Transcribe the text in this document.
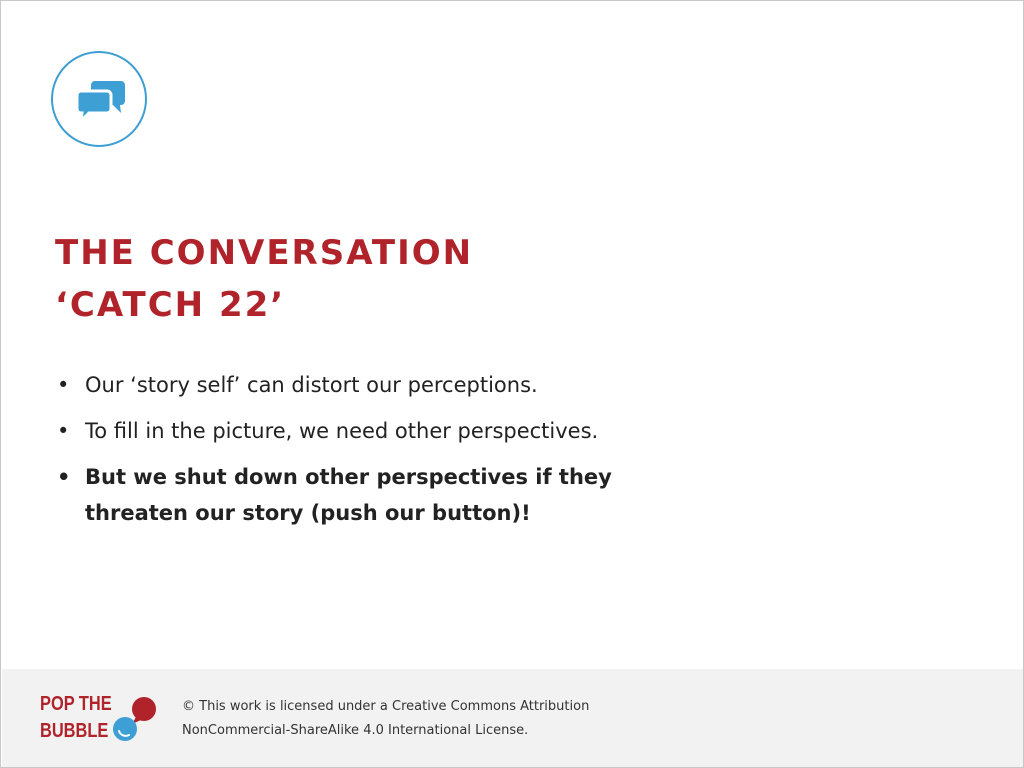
THE CONVERSATION
‘CATCH 22’
• Our ‘story self’ can distort our perceptions.
• To fill in the picture, we need other perspectives.
• But we shut down other perspectives if they threaten our story (push our button)!
POP THE
BUBBLE
© This work is licensed under a Creative Commons Attribution
NonCommercial-ShareAlike 4.0 International License.
